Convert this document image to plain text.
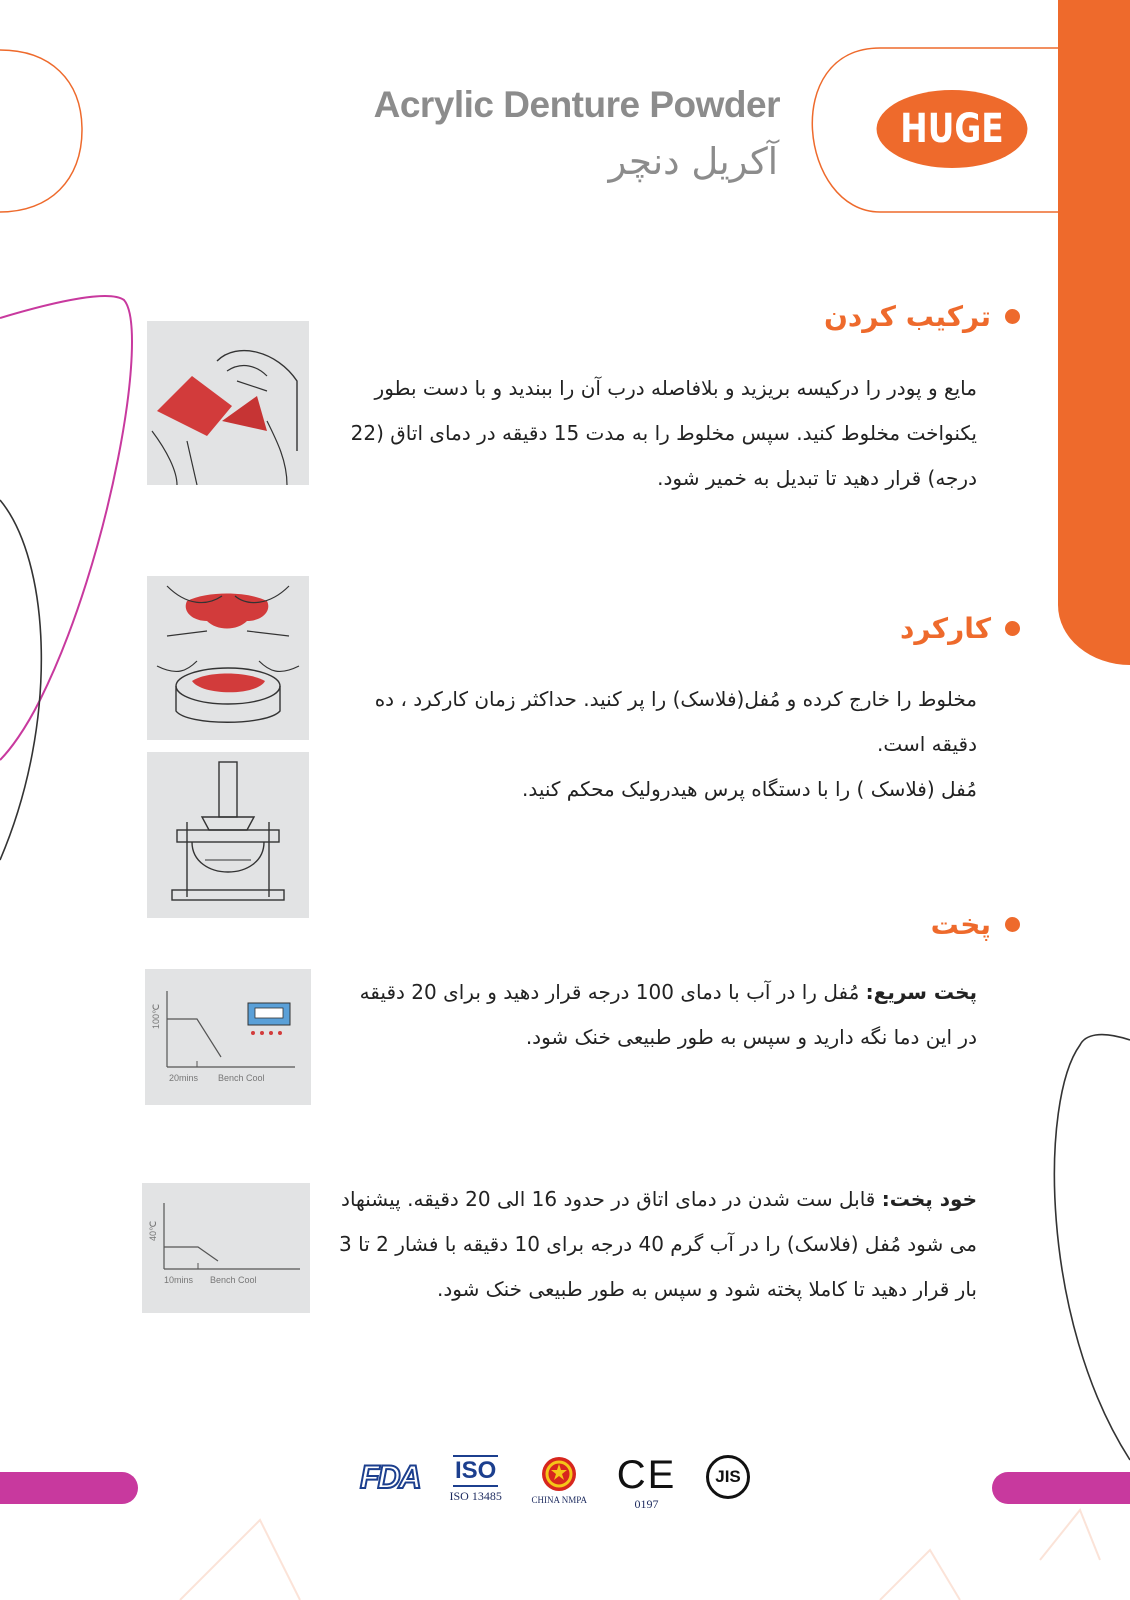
Acrylic Denture Powder
آکریل دنچر
HUGE
ترکیب کردن
مایع و پودر را درکیسه بریزید و بلافاصله درب آن را ببندید و با دست بطور یکنواخت مخلوط کنید. سپس مخلوط را به مدت 15 دقیقه در دمای اتاق (22 درجه) قرار دهید تا تبدیل به خمیر شود.
کارکرد
مخلوط را خارج کرده و مُفل(فلاسک) را پر کنید. حداکثر زمان کارکرد ، ده دقیقه است.
مُفل (فلاسک ) را با دستگاه پرس هیدرولیک محکم کنید.
پخت
پخت سریع: مُفل را در آب با دمای 100 درجه قرار دهید و برای 20 دقیقه در این دما نگه دارید و سپس به طور طبیعی خنک شود.
100℃
20mins Bench Cool
خود پخت: قابل ست شدن در دمای اتاق در حدود 16 الی 20 دقیقه. پیشنهاد می شود مُفل (فلاسک) را در آب گرم 40 درجه برای 10 دقیقه با فشار 2 تا 3 بار قرار دهید تا کاملا پخته شود و سپس به طور طبیعی خنک شود.
40℃
10mins Bench Cool
FDA ISO
ISO 13485	CHINA NMPA
CE
0197
JIS
